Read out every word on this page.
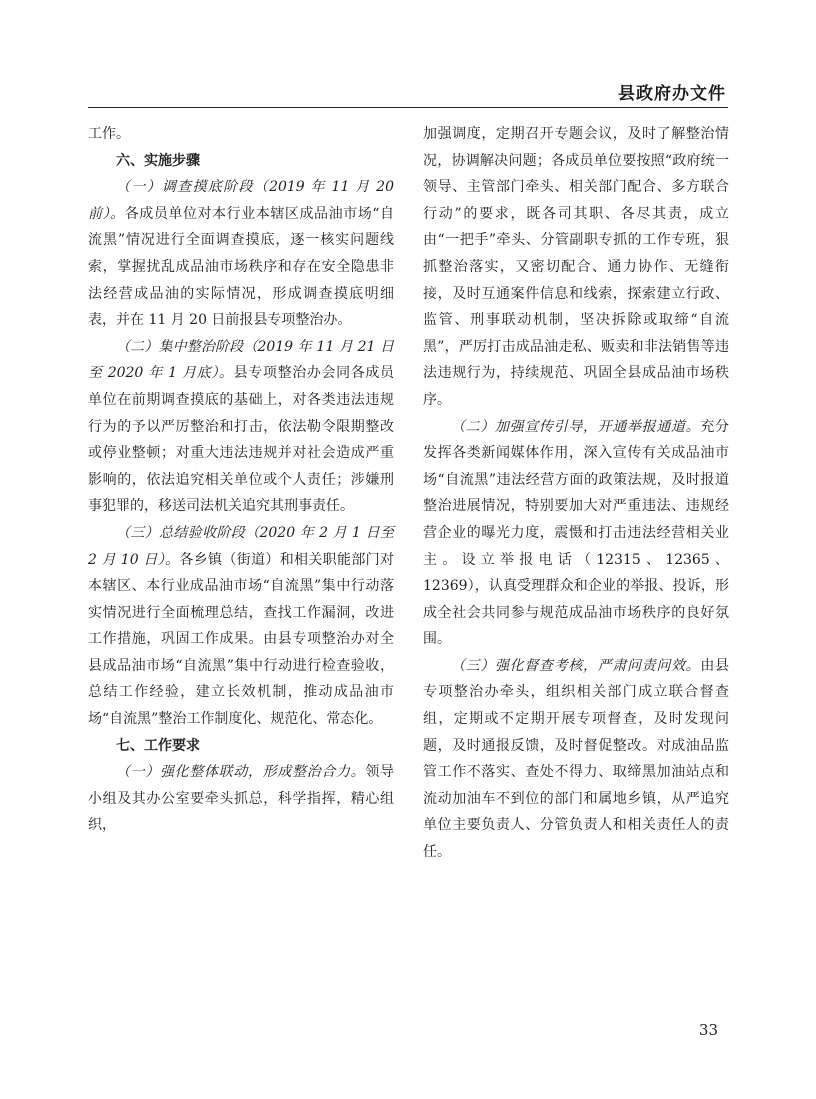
县政府办文件

工作。

六、实施步骤

（一）调查摸底阶段（2019 年 11 月 20 前）。各成员单位对本行业本辖区成品油市场“自流黑”情况进行全面调查摸底，逐一核实问题线索，掌握扰乱成品油市场秩序和存在安全隐患非法经营成品油的实际情况，形成调查摸底明细表，并在 11 月 20 日前报县专项整治办。

（二）集中整治阶段（2019 年 11 月 21 日至 2020 年 1 月底）。县专项整治办会同各成员单位在前期调查摸底的基础上，对各类违法违规行为的予以严厉整治和打击，依法勒令限期整改或停业整顿；对重大违法违规并对社会造成严重影响的，依法追究相关单位或个人责任；涉嫌刑事犯罪的，移送司法机关追究其刑事责任。

（三）总结验收阶段（2020 年 2 月 1 日至 2 月 10 日）。各乡镇（街道）和相关职能部门对本辖区、本行业成品油市场“自流黑”集中行动落实情况进行全面梳理总结，查找工作漏洞，改进工作措施，巩固工作成果。由县专项整治办对全县成品油市场“自流黑”集中行动进行检查验收，总结工作经验，建立长效机制，推动成品油市场“自流黑”整治工作制度化、规范化、常态化。

七、工作要求

（一）强化整体联动，形成整治合力。领导小组及其办公室要牵头抓总，科学指挥，精心组织，

加强调度，定期召开专题会议，及时了解整治情况，协调解决问题；各成员单位要按照“政府统一领导、主管部门牵头、相关部门配合、多方联合行动”的要求，既各司其职、各尽其责，成立由“一把手”牵头、分管副职专抓的工作专班，狠抓整治落实，又密切配合、通力协作、无缝衔接，及时互通案件信息和线索，探索建立行政、监管、刑事联动机制，坚决拆除或取缔“自流黑”，严厉打击成品油走私、贩卖和非法销售等违法违规行为，持续规范、巩固全县成品油市场秩序。

（二）加强宣传引导，开通举报通道。充分发挥各类新闻媒体作用，深入宣传有关成品油市场“自流黑”违法经营方面的政策法规，及时报道整治进展情况，特别要加大对严重违法、违规经营企业的曝光力度，震慑和打击违法经营相关业主。设立举报电话（12315、12365、12369），认真受理群众和企业的举报、投诉，形成全社会共同参与规范成品油市场秩序的良好氛围。

（三）强化督查考核，严肃问责问效。由县专项整治办牵头，组织相关部门成立联合督查组，定期或不定期开展专项督查，及时发现问题，及时通报反馈，及时督促整改。对成油品监管工作不落实、查处不得力、取缔黑加油站点和流动加油车不到位的部门和属地乡镇，从严追究单位主要负责人、分管负责人和相关责任人的责任。

33
